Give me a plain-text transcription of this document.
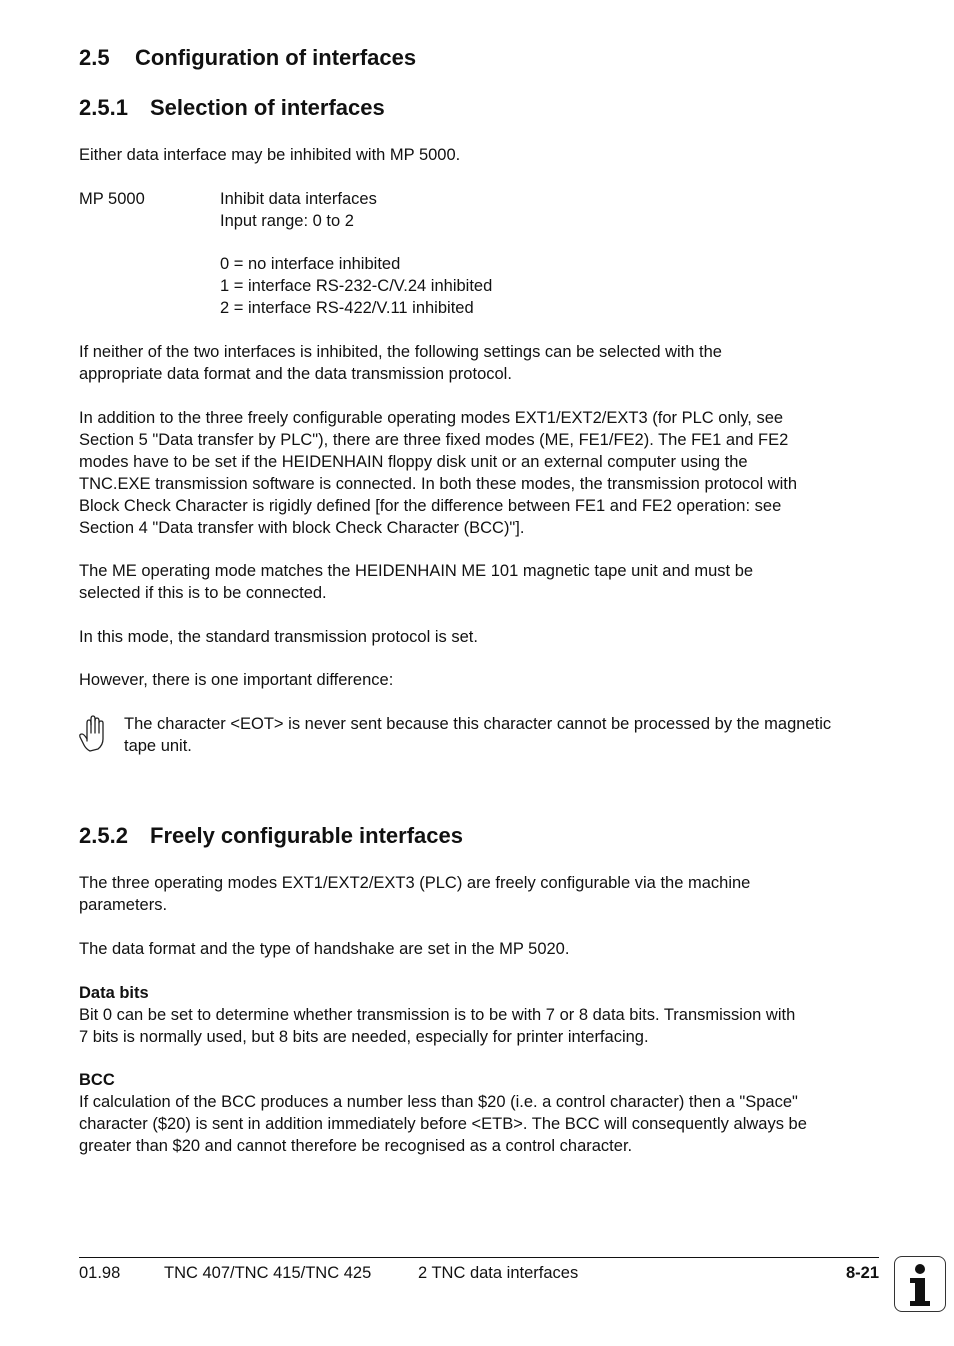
2.5 Configuration of interfaces
2.5.1 Selection of interfaces

Either data interface may be inhibited with MP 5000.

MP 5000	Inhibit data interfaces
Input range: 0 to 2
0 = no interface inhibited
1 = interface RS-232-C/V.24 inhibited
2 = interface RS-422/V.11 inhibited
If neither of the two interfaces is inhibited, the following settings can be selected with the
appropriate data format and the data transmission protocol.
In addition to the three freely configurable operating modes EXT1/EXT2/EXT3 (for PLC only, see
Section 5 "Data transfer by PLC"), there are three fixed modes (ME, FE1/FE2). The FE1 and FE2
modes have to be set if the HEIDENHAIN floppy disk unit or an external computer using the
TNC.EXE transmission software is connected. In both these modes, the transmission protocol with
Block Check Character is rigidly defined [for the difference between FE1 and FE2 operation: see
Section 4 "Data transfer with block Check Character (BCC)"].
The ME operating mode matches the HEIDENHAIN ME 101 magnetic tape unit and must be
selected if this is to be connected.

In this mode, the standard transmission protocol is set.

However, there is one important difference:

The character <EOT> is never sent because this character cannot be processed by the magnetic
tape unit.
2.5.2 Freely configurable interfaces
The three operating modes EXT1/EXT2/EXT3 (PLC) are freely configurable via the machine
parameters.

The data format and the type of handshake are set in the MP 5020.

Data bits
Bit 0 can be set to determine whether transmission is to be with 7 or 8 data bits. Transmission with
7 bits is normally used, but 8 bits are needed, especially for printer interfacing.
BCC
If calculation of the BCC produces a number less than $20 (i.e. a control character) then a "Space"
character ($20) is sent in addition immediately before <ETB>. The BCC will consequently always be
greater than $20 and cannot therefore be recognised as a control character.
01.98	TNC 407/TNC 415/TNC 425	2 TNC data interfaces	8-21
